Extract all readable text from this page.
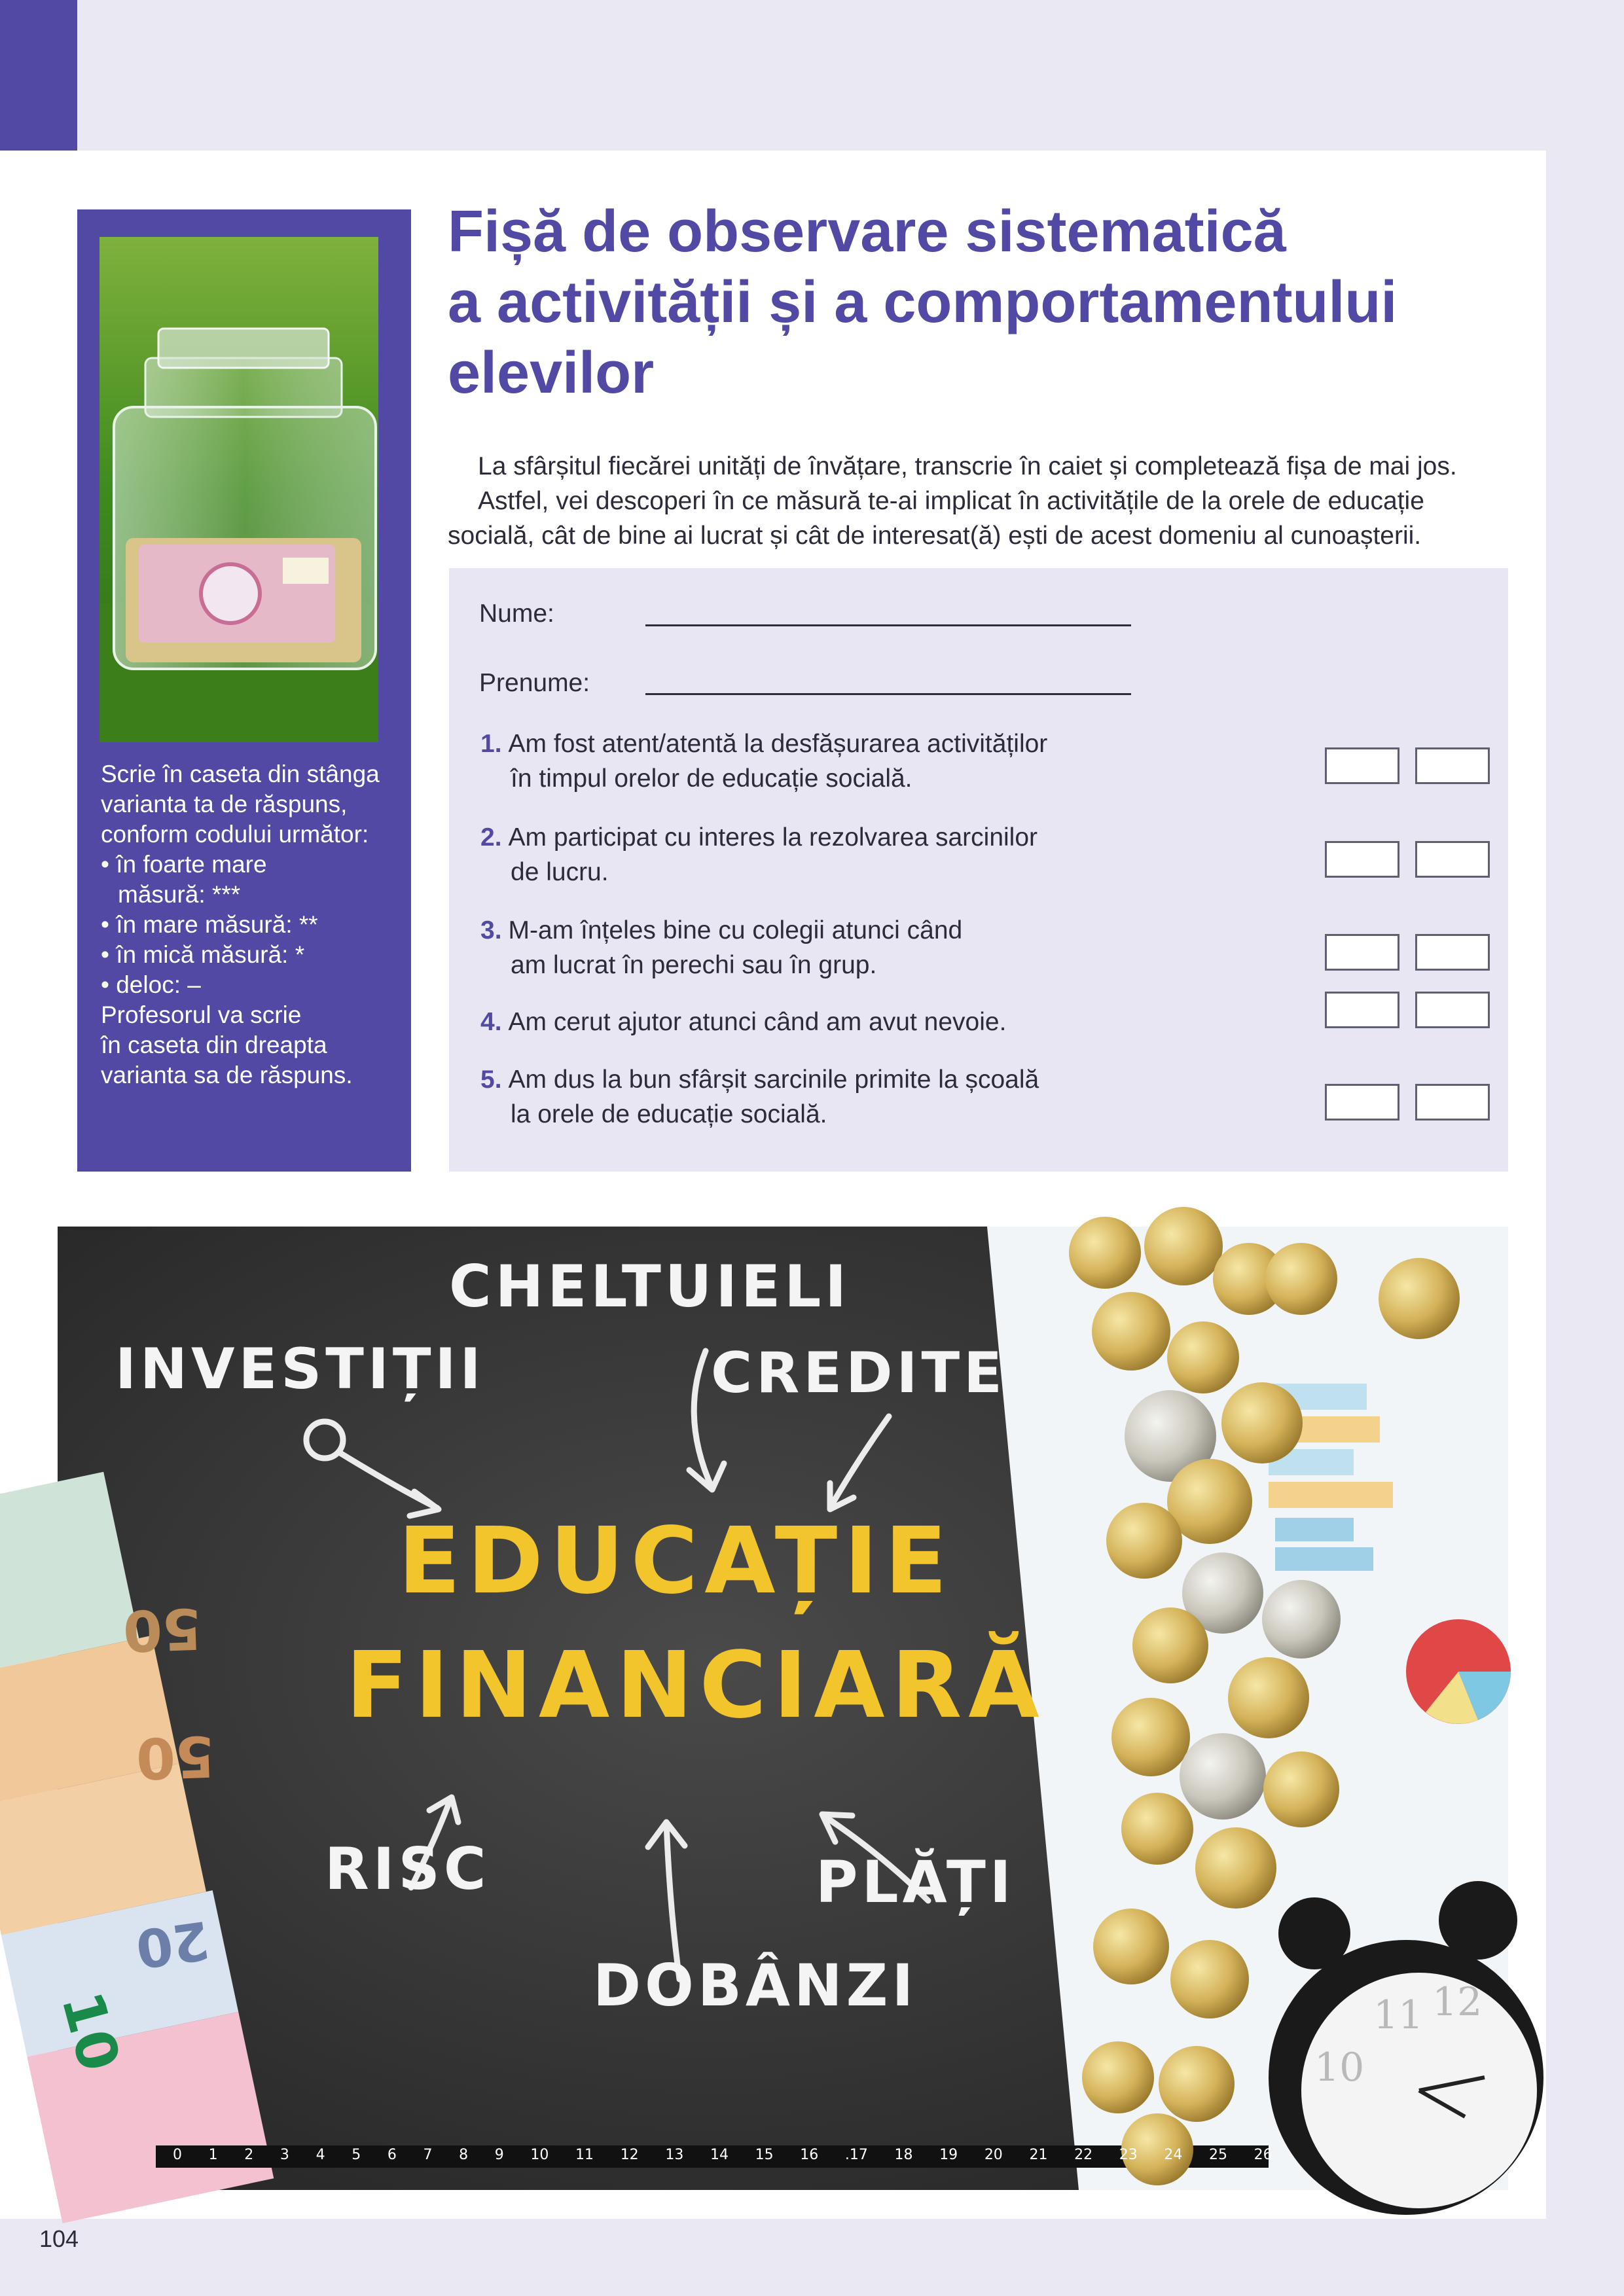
Scrie în caseta din stânga
varianta ta de răspuns,
conform codului următor:
• în foarte mare
măsură: ***
• în mare măsură: **
• în mică măsură: *
• deloc: –
Profesorul va scrie
în caseta din dreapta
varianta sa de răspuns.
Fișă de observare sistematică
a activității și a comportamentului
elevilor

La sfârșitul fiecărei unități de învățare, transcrie în caiet și completează fișa de mai jos.
Astfel, vei descoperi în ce măsură te-ai implicat în activitățile de la orele de educație
socială, cât de bine ai lucrat și cât de interesat(ă) ești de acest domeniu al cunoașterii.

Nume:
Prenume:
1. Am fost atent/atentă la desfășurarea activităților
în timpul orelor de educație socială.
2. Am participat cu interes la rezolvarea sarcinilor
de lucru.
3. M-am înțeles bine cu colegii atunci când
am lucrat în perechi sau în grup.
4. Am cerut ajutor atunci când am avut nevoie.
5. Am dus la bun sfârșit sarcinile primite la școală
la orele de educație socială.
CHELTUIELI
INVESTIȚII	CREDITE
EDUCAȚIE
FINANCIARĂ
RISC	PLĂȚI
DOBÂNZI
50
50
20
10
0 1 2 3 4 5 6 7 8 9 10 11 12 13 14 15 16 .17 18 19 20 21 22 23 24 25 26
11 12
10
104
